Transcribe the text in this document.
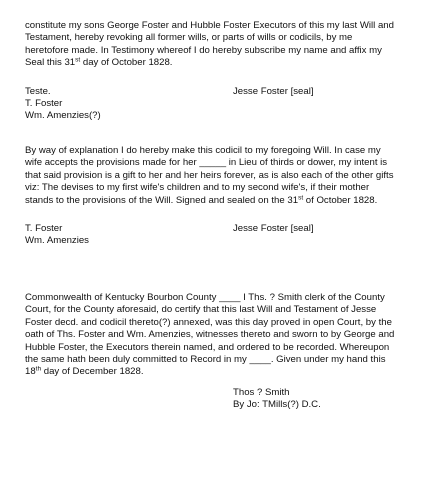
constitute my sons George Foster and Hubble Foster Executors of this my last Will and

Testament, hereby revoking all former wills, or parts of wills or codicils, by me

heretofore made. In Testimony whereof I do hereby subscribe my name and affix my

Seal this 31st day of October 1828.

Teste.	Jesse Foster [seal]
T. Foster
Wm. Amenzies(?)

By way of explanation I do hereby make this codicil to my foregoing Will. In case my

wife accepts the provisions made for her _____ in Lieu of thirds or dower, my intent is

that said provision is a gift to her and her heirs forever, as is also each of the other gifts

viz: The devises to my first wife's children and to my second wife's, if their mother

stands to the provisions of the Will. Signed and sealed on the 31st of October 1828.

T. Foster	Jesse Foster [seal]
Wm. Amenzies

Commonwealth of Kentucky Bourbon County ____ I Ths. ? Smith clerk of the County

Court, for the County aforesaid, do certify that this last Will and Testament of Jesse

Foster decd. and codicil thereto(?) annexed, was this day proved in open Court, by the

oath of Ths. Foster and Wm. Amenzies, witnesses thereto and sworn to by George and

Hubble Foster, the Executors therein named, and ordered to be recorded. Whereupon

the same hath been duly committed to Record in my ____. Given under my hand this

18th day of December 1828.

Thos ? Smith
By Jo: TMills(?) D.C.
